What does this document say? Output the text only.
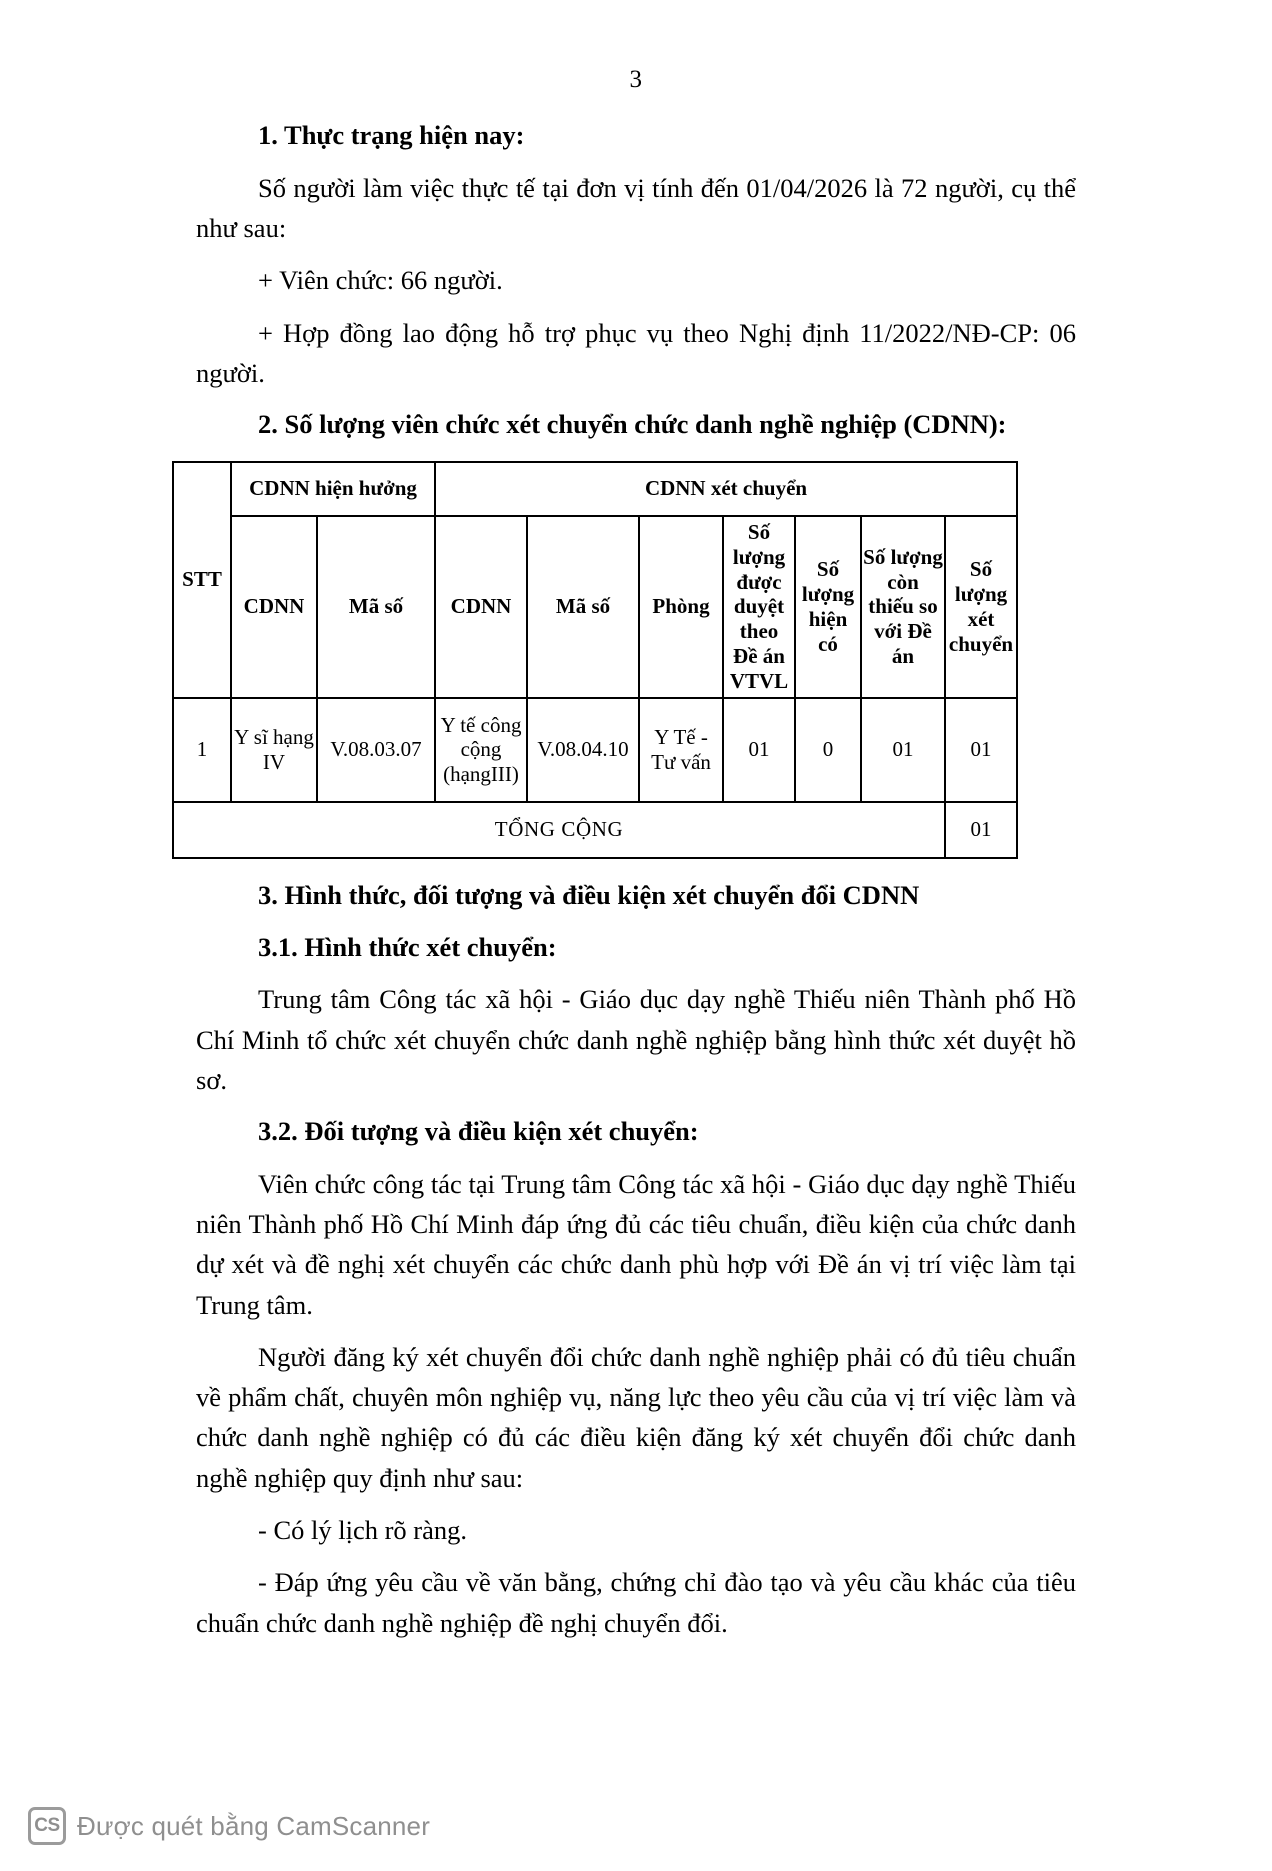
3
1. Thực trạng hiện nay:

Số người làm việc thực tế tại đơn vị tính đến 01/04/2026 là 72 người, cụ thể như sau:

+ Viên chức: 66 người.

+ Hợp đồng lao động hỗ trợ phục vụ theo Nghị định 11/2022/NĐ-CP: 06 người.

2. Số lượng viên chức xét chuyển chức danh nghề nghiệp (CDNN):
STT	CDNN hiện hưởng		CDNN xét chuyển						
	CDNN	Mã số	CDNN	Mã số	Phòng	Số lượng được duyệt theo Đề án VTVL	Số lượng hiện có	Số lượng còn thiếu so với Đề án	Số lượng xét chuyển
1	Y sĩ hạng IV	V.08.03.07	Y tế công cộng (hạngIII)	V.08.04.10	Y Tế - Tư vấn	01	0	01	01
TỔNG CỘNG									01
3. Hình thức, đối tượng và điều kiện xét chuyển đổi CDNN
3.1. Hình thức xét chuyển:

Trung tâm Công tác xã hội - Giáo dục dạy nghề Thiếu niên Thành phố Hồ Chí Minh tổ chức xét chuyển chức danh nghề nghiệp bằng hình thức xét duyệt hồ sơ.

3.2. Đối tượng và điều kiện xét chuyển:

Viên chức công tác tại Trung tâm Công tác xã hội - Giáo dục dạy nghề Thiếu niên Thành phố Hồ Chí Minh đáp ứng đủ các tiêu chuẩn, điều kiện của chức danh dự xét và đề nghị xét chuyển các chức danh phù hợp với Đề án vị trí việc làm tại Trung tâm.

Người đăng ký xét chuyển đổi chức danh nghề nghiệp phải có đủ tiêu chuẩn về phẩm chất, chuyên môn nghiệp vụ, năng lực theo yêu cầu của vị trí việc làm và chức danh nghề nghiệp có đủ các điều kiện đăng ký xét chuyển đổi chức danh nghề nghiệp quy định như sau:

- Có lý lịch rõ ràng.

- Đáp ứng yêu cầu về văn bằng, chứng chỉ đào tạo và yêu cầu khác của tiêu chuẩn chức danh nghề nghiệp đề nghị chuyển đổi.

CS Được quét bằng CamScanner
